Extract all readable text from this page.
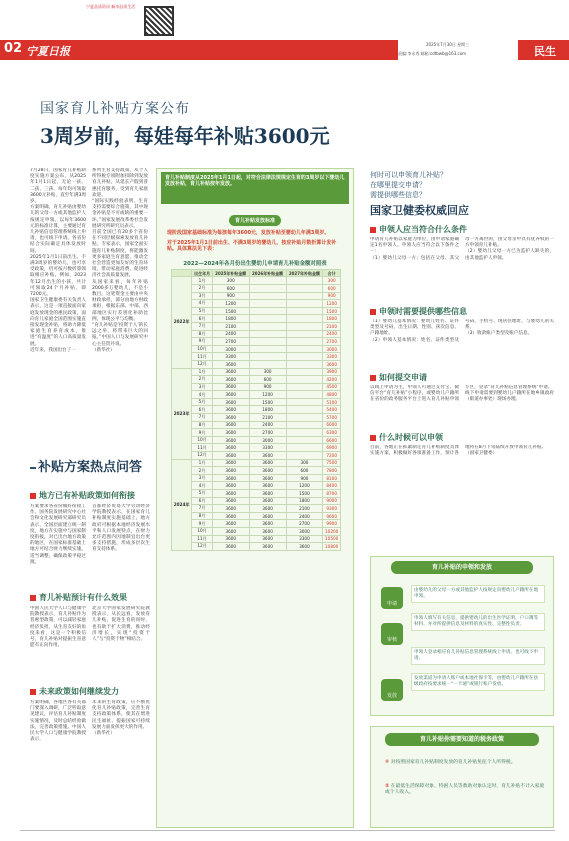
宁夏品质资讯 畅享品质生活
02 宁夏日报
2025年7月30日 星期三
责编:李永秀 邮箱:cdtbwb@163.com	民生
国家育儿补贴方案公布
3周岁前，每娃每年补贴3600元
7月28日，国家育儿补贴制度实施方案公布，从2025年1月1日起，无论一孩、二孩、三孩，每年均可领取3600元补贴，直至年满3周岁。
方案明确，育儿补贴由婴幼儿的父母一方或其他监护人按规定申领。以每年3600元的标准计算，主要通过育儿补贴信息管理系统线上申请，也可线下申请。各省份结合实际确定具体发放时间。
2025年1月1日前出生、不满3周岁的婴幼儿，也可享受政策，仍可按月数折算领取相应补贴。例如，2023年12月出生的小孩，共计可领取24个月补贴，即7200元。
国家卫生健康委有关负责人表示，这是一项直接面向家庭发放现金的惠民政策，面向育儿家庭全国范围实施直接发现金补贴，将助力降低家庭生育养育成本，推进“有温度”的人口高质量发展。
近年来，我国出台了一
系列生育支持政策，从个人所得税专项附加扣除到发放育儿补贴，从延长产假到普惠托育服务，受到育儿家庭欢迎。
“国际实践经验表明，生育支持需要综合施策，其中现金补贴是不可或缺的重要一环。”国家发展改革委社会发展研究所研究员表示。
目前全国已有20多个省份在不同层级探索发放育儿补贴。专家表示，国家全面实施育儿补贴制度，将能激发更多家庭生育意愿，推动全社会营造更加友好的生育环境，带动家庭消费，促进经济社会高质量发展。
从国家来看，每年补贴2000多万婴幼儿，不是小数目。这笔资金主要由中央财政承担，部分由地方财政承担，根据东部、中部、西部地区实行差别化补助比例，体现公平与均衡。
“育儿补贴是‘投资于人’的长远之举，将带来巨大的回报。”中国人口与发展研究中心主任贺丹说。
（新华社）
育儿补贴制度从2025年1月1日起，对符合法律法规规定生育的3周岁以下婴幼儿发放补贴，育儿补贴按年发放。
育儿补贴发放标准
现阶段国家基础标准为每孩每年3600元，发放补贴至婴幼儿年满3周岁。
对于2025年1月1日前出生、不满3周岁的婴幼儿，按应补贴月数折算计发补贴。具体算法见下表：
2022—2024年各月份出生婴幼儿申请育儿补贴金额对照表
	出生年月	2025年补贴金额	2026年补贴金额	2027年补贴金额	合计
2022年	1月	300			300
	2月	600			600
	3月	900			900
	4月	1200			1200
	5月	1500			1500
	6月	1800			1800
	7月	2100			2100
	8月	2400			2400
	9月	2700			2700
	10月	3000			3000
	11月	3300			3300
	12月	3600			3600
2023年	1月	3600	300		3900
	2月	3600	600		4200
	3月	3600	900		4500
	4月	3600	1200		4800
	5月	3600	1500		5100
	6月	3600	1800		5400
	7月	3600	2100		5700
	8月	3600	2400		6000
	9月	3600	2700		6300
	10月	3600	3000		6600
	11月	3600	3300		6900
	12月	3600	3600		7200
2024年	1月	3600	3600	300	7500
	2月	3600	3600	600	7800
	3月	3600	3600	900	8100
	4月	3600	3600	1200	8400
	5月	3600	3600	1500	8700
	6月	3600	3600	1800	9000
	7月	3600	3600	2100	9300
	8月	3600	3600	2400	9600
	9月	3600	3600	2700	9900
	10月	3600	3600	3000	10200
	11月	3600	3600	3300	10500
	12月	3600	3600	3600	10800
何时可以申领育儿补贴？
在哪里提交申请？
需提供哪些信息？
国家卫健委权威回应
申领人应当符合什么条件
申请育儿补贴以家庭为单位，由申请家庭确定1名申领人。申领人应当符合以下条件之一：
（1）婴幼儿父母一方；包括在父母、其父母一方离世的，由父母亲中具有抚养权的一方申领育儿补贴。
（2）婴幼儿父母一方已为监护人缺失的，由其他监护人申领。
申领时需要提供哪些信息
（1）婴幼儿基本情况：婴幼儿姓名、证件类型及号码、出生日期、性别、孩次信息、户籍地址。
（2）申领人基本情况：姓名、证件类型及号码、手机号、现居住地址、与婴幼儿的关系。
（3）收款账户类型及账户信息。
如何提交申请
以线上申请为主，申领人可通过支付宝、微信平台“育儿补贴”小程序，或婴幼儿户籍所在省份的政务服务平台上进入育儿补贴申领专区，登录“育儿补贴信息管理系统”申请。
线下申请需要到婴幼儿户籍所在地乡镇政府（街道办事处）现场办理。
什么时候可以申领
目前，各地正在抓紧制定育儿补贴制度具体实施方案，积极做好各项准备工作，预计各地将在8月下旬陆续开放申领育儿补贴。
（国家卫健委）
育儿补贴的申领和发放
申请
审核
发放
由婴幼儿的父母一方或其他监护人按规定向婴幼儿户籍所在地申领。
申领人填写有关信息，提供婴幼儿的出生医学证明、户口簿等材料，并对所提供信息及材料的真实性、完整性负责。
申领人登录相应育儿补贴信息管理系统线上申请，也可线下申请。
发放渠道为申请人账户或本地社保卡等，由婴幼儿户籍所在县级政府按要求统一“一卡通”或银行账户发放。
育儿补贴你需要知道的税务政策
① 对按照国家育儿补贴制度发放的育儿补贴免征个人所得税。
② 在最低生活保障对象、特困人员等救助对象认定时，育儿补贴不计入家庭或个人收入。
补贴方案热点问答
地方已有补贴政策如何衔接
方案要求各省份做好衔接工作。国务院发展研究中心社会和文化发展研究部研究员表示，全国层面建立统一制度，地方在实施中与国家制度衔接，对已出台地方政策的地区，在国家标准基础上地方可结合财力继续实施、适当调整，确保政策平稳过渡。
首都经济贸易大学劳动经济学院教授表示，在国家育儿补贴制度实施基础上，地方政府可根据本地经济发展水平和人口发展特点，在财力允许范围内因地制宜出台更多支持措施，形成多层次生育支持体系。
育儿补贴预计有什么效果
中国人民大学人口与健康学院教授表示，育儿补贴作为普惠型政策，可以减轻家庭经济负担，从生育友好的角度来看，这是一个积极信号，育儿补贴对提振生育意愿有正向作用。
北京大学国家发展研究院教授表示，从长远看，发放育儿补贴，促进生育的同时，也有助于扩大消费，推动经济增长，实现“投资于人”与“投资于物”相结合。
未来政策如何继续发力
方案明确，各地区各有关部门要深入调研，广泛听取意见建议，评估育儿补贴制度实施情况，及时总结经验做法，完善政策措施。中国人民大学人口与健康学院教授表示，
未来的生育政策，应不断优化育儿补贴政策，完善生育支持政策体系，使其在增进民生福祉、提振国家可持续发展力面发挥更大的作用。
（新华社）
